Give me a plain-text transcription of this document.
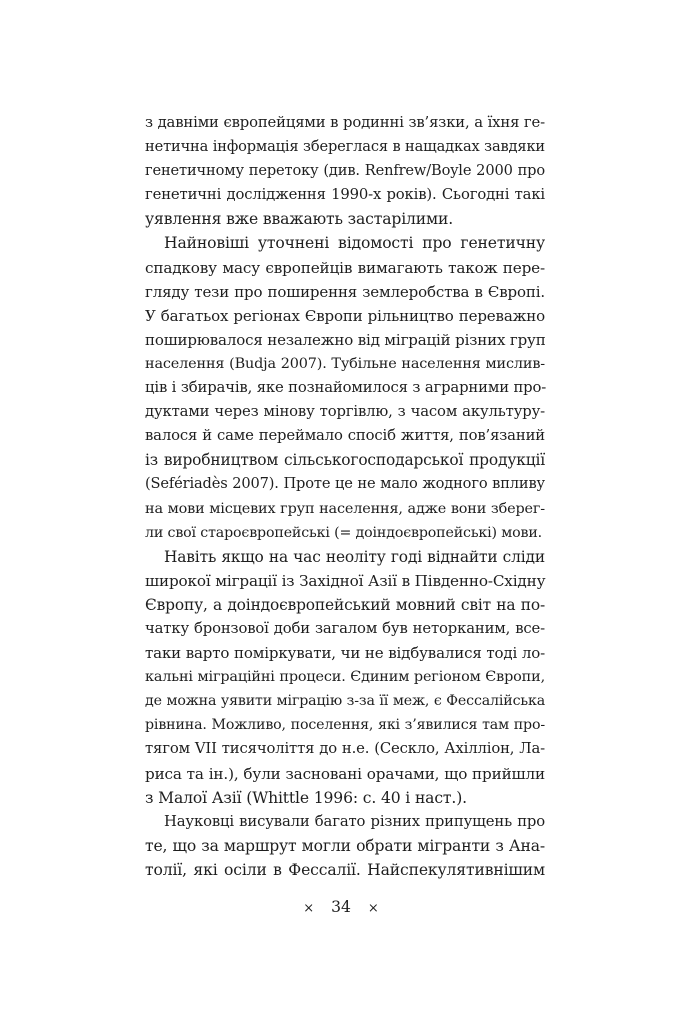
з давніми європейцями в родинні зв’язки, а їхня ге-
нетична інформація збереглася в нащадках завдяки
генетичному перетоку (див. Renfrew/Boyle 2000 про
генетичні дослідження 1990-х років). Сьогодні такі
уявлення вже вважають застарілими.
Найновіші уточнені відомості про генетичну
спадкову масу європейців вимагають також пере-
гляду тези про поширення землеробства в Європі.
У багатьох регіонах Європи рільництво переважно
поширювалося незалежно від міграцій різних груп
населення (Budja 2007). Тубільне населення мислив-
ців і збирачів, яке познайомилося з аграрними про-
дуктами через мінову торгівлю, з часом акультуру-
валося й саме переймало спосіб життя, пов’язаний
із виробництвом сільськогосподарської продукції
(Sеfériadès 2007). Проте це не мало жодного впливу
на мови місцевих груп населення, адже вони зберег-
ли свої староєвропейські (= доіндоєвропейські) мови.
Навіть якщо на час неоліту годі віднайти сліди
широкої міграції із Західної Азії в Південно-Східну
Європу, а доіндоєвропейський мовний світ на по-
чатку бронзової доби загалом був неторканим, все-
таки варто поміркувати, чи не відбувалися тоді ло-
кальні міграційні процеси. Єдиним регіоном Європи,
де можна уявити міграцію з-за її меж, є Фессалійська
рівнина. Можливо, поселення, які з’явилися там про-
тягом VII тисячоліття до н.е. (Сескло, Ахілліон, Ла-
риса та ін.), були засновані орачами, що прийшли
з Малої Азії (Whittle 1996: с. 40 і наст.).
Науковці висували багато різних припущень про
те, що за маршрут могли обрати мігранти з Ана-
толії, які осіли в Фессалії. Найспекулятивнішим
× 34 ×
